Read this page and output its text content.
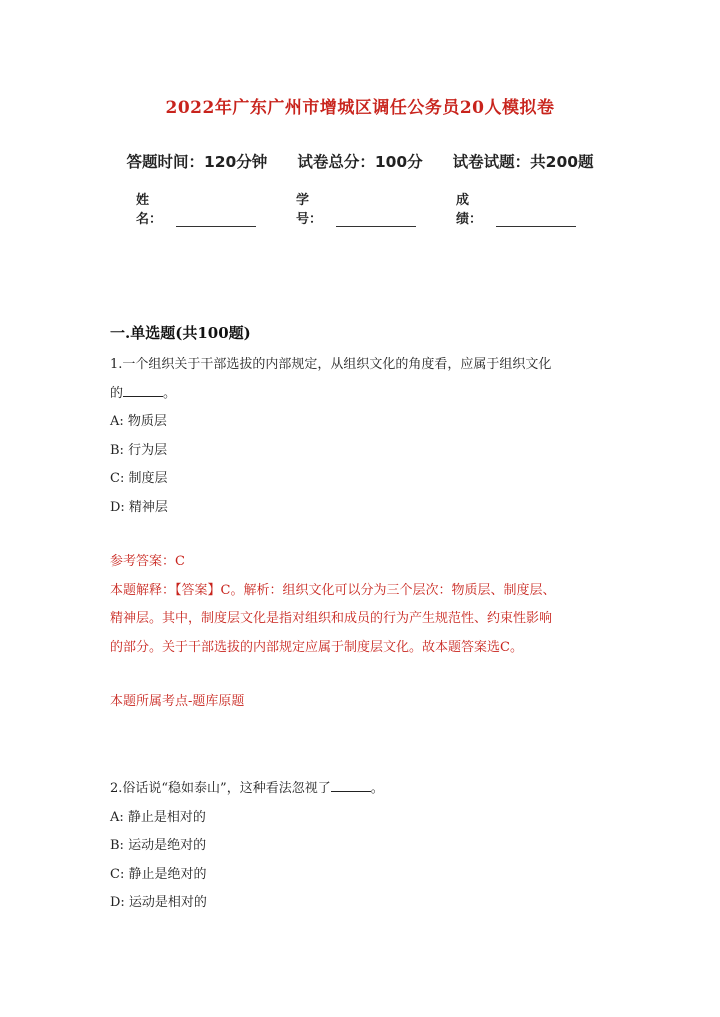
2022年广东广州市增城区调任公务员20人模拟卷
答题时间：120分钟 试卷总分：100分 试卷试题：共200题
姓名：
学号：
成绩：
一.单选题(共100题)
1.一个组织关于干部选拔的内部规定，从组织文化的角度看，应属于组织文化
的	。
A: 物质层
B: 行为层
C: 制度层
D: 精神层
参考答案：C
本题解释：【答案】C。解析：组织文化可以分为三个层次：物质层、制度层、
精神层。其中，制度层文化是指对组织和成员的行为产生规范性、约束性影响
的部分。关于干部选拔的内部规定应属于制度层文化。故本题答案选C。
本题所属考点-题库原题
2.俗话说“稳如泰山”，这种看法忽视了	。
A: 静止是相对的
B: 运动是绝对的
C: 静止是绝对的
D: 运动是相对的
